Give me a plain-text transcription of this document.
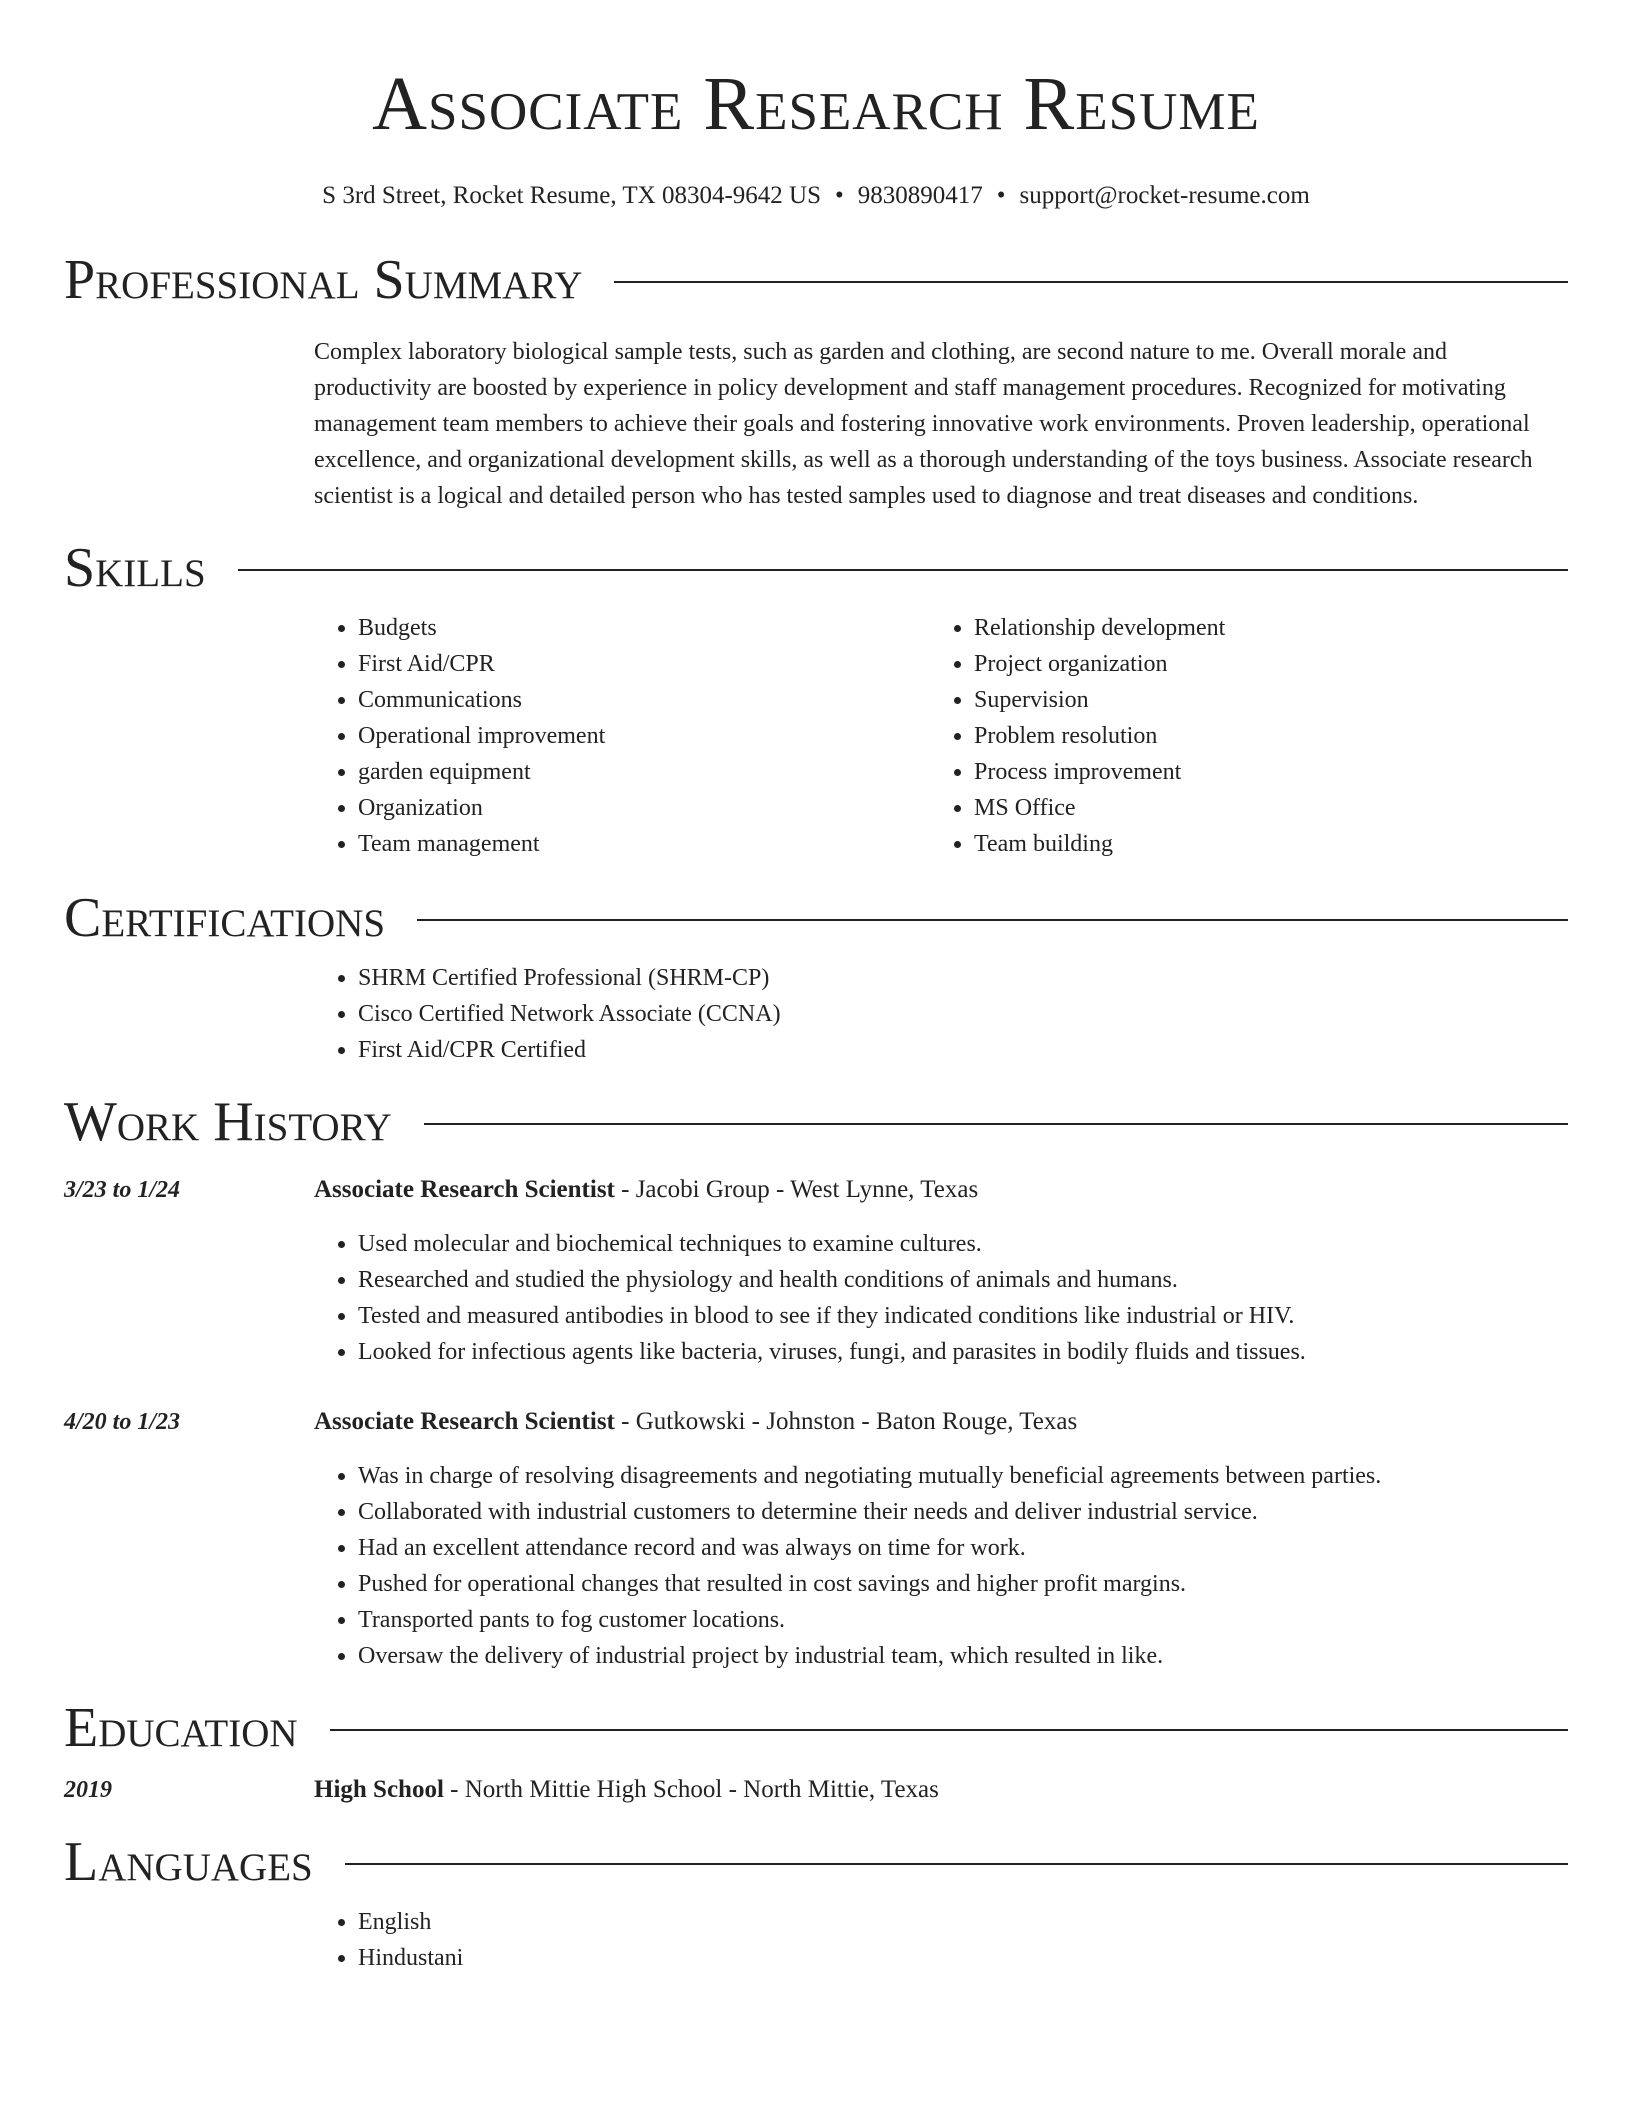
Associate Research Resume
S 3rd Street, Rocket Resume, TX 08304-9642 US • 9830890417 • support@rocket-resume.com
Professional Summary

Complex laboratory biological sample tests, such as garden and clothing, are second nature to me. Overall morale and productivity are boosted by experience in policy development and staff management procedures. Recognized for motivating management team members to achieve their goals and fostering innovative work environments. Proven leadership, operational excellence, and organizational development skills, as well as a thorough understanding of the toys business. Associate research scientist is a logical and detailed person who has tested samples used to diagnose and treat diseases and conditions.

Skills
• Budgets
• First Aid/CPR
• Communications
• Operational improvement
• garden equipment
• Organization
• Team management
• Relationship development
• Project organization
• Supervision
• Problem resolution
• Process improvement
• MS Office
• Team building
Certifications
• SHRM Certified Professional (SHRM-CP)
• Cisco Certified Network Associate (CCNA)
• First Aid/CPR Certified
Work History
3/23 to 1/24	Associate Research Scientist - Jacobi Group - West Lynne, Texas
• Used molecular and biochemical techniques to examine cultures.
• Researched and studied the physiology and health conditions of animals and humans.
• Tested and measured antibodies in blood to see if they indicated conditions like industrial or HIV.
• Looked for infectious agents like bacteria, viruses, fungi, and parasites in bodily fluids and tissues.
4/20 to 1/23	Associate Research Scientist - Gutkowski - Johnston - Baton Rouge, Texas
• Was in charge of resolving disagreements and negotiating mutually beneficial agreements between parties.
• Collaborated with industrial customers to determine their needs and deliver industrial service.
• Had an excellent attendance record and was always on time for work.
• Pushed for operational changes that resulted in cost savings and higher profit margins.
• Transported pants to fog customer locations.
• Oversaw the delivery of industrial project by industrial team, which resulted in like.
Education
2019	High School - North Mittie High School - North Mittie, Texas
Languages
• English
• Hindustani
